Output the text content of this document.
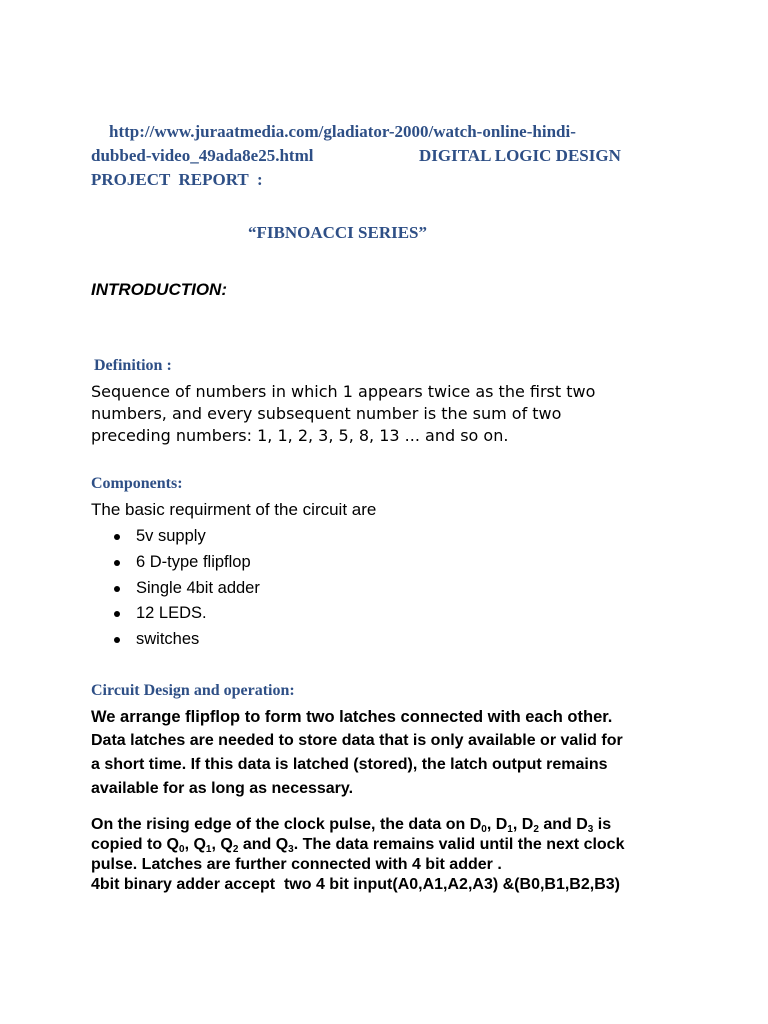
http://www.juraatmedia.com/gladiator-2000/watch-online-hindi-
dubbed-video_49ada8e25.html	DIGITAL LOGIC DESIGN
PROJECT  REPORT  :
“FIBNOACCI SERIES”
INTRODUCTION:
Definition :
Sequence of numbers in which 1 appears twice as the first two
numbers, and every subsequent number is the sum of two
preceding numbers: 1, 1, 2, 3, 5, 8, 13 ... and so on.
Components:
The basic requirment of the circuit are
5v supply
6 D-type flipflop
Single 4bit adder
12 LEDS.
switches
Circuit Design and operation:
We arrange flipflop to form two latches connected with each other.
Data latches are needed to store data that is only available or valid for
a short time. If this data is latched (stored), the latch output remains
available for as long as necessary.
On the rising edge of the clock pulse, the data on $D_0$, $D_1$, $D_2$ and $D_3$ is
copied to $Q_0$, $Q_1$, $Q_2$ and $Q_3$. The data remains valid until the next clock
pulse. Latches are further connected with 4 bit adder .
4bit binary adder accept  two 4 bit input(A0,A1,A2,A3) &(B0,B1,B2,B3)
